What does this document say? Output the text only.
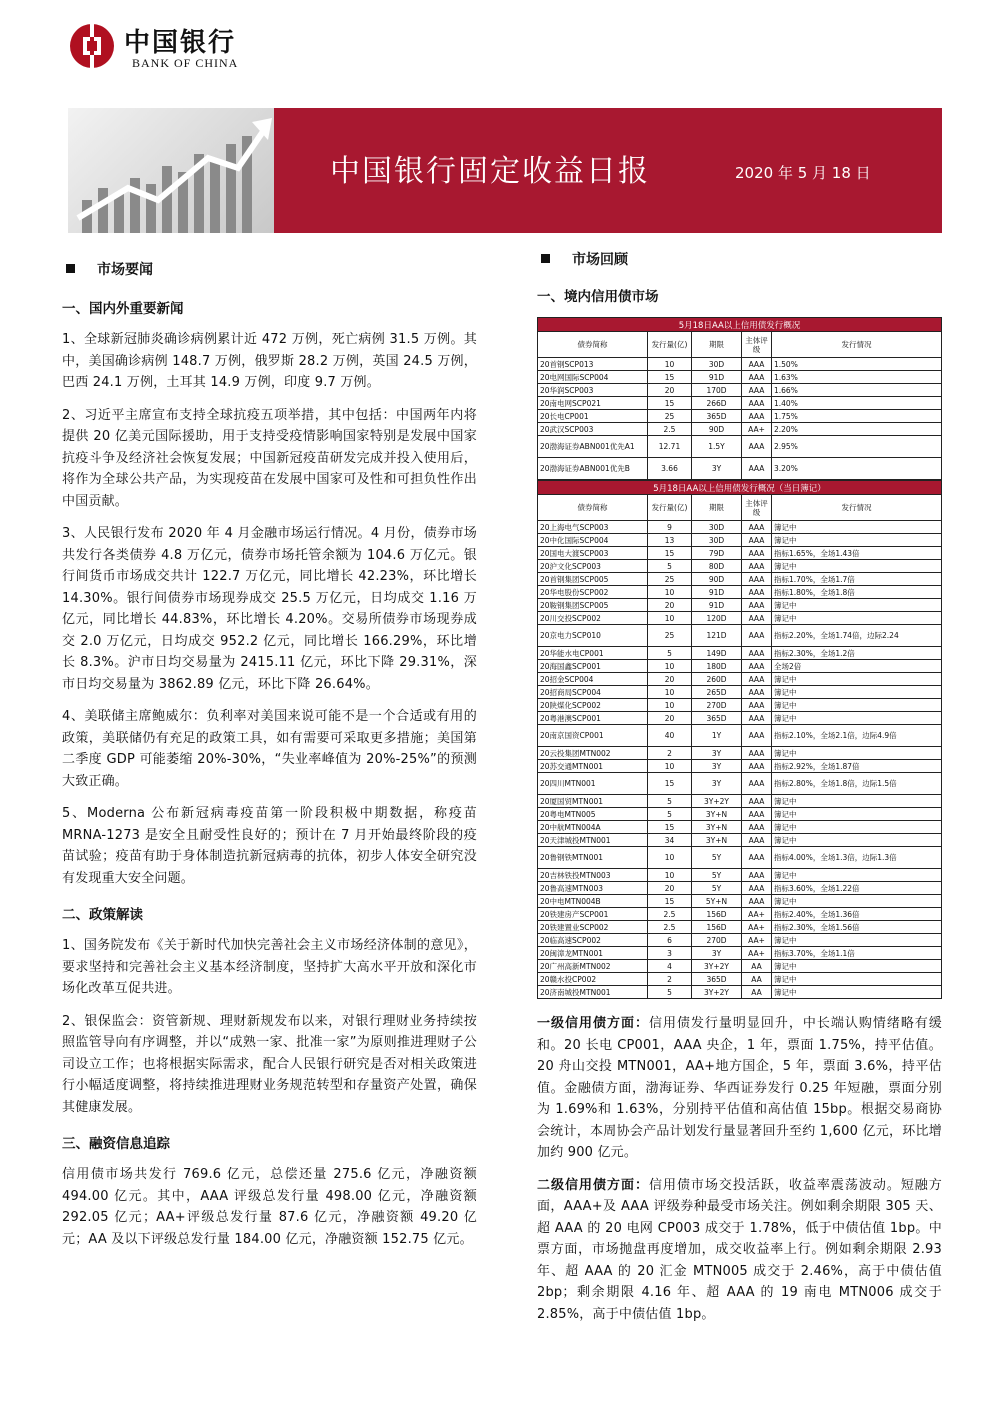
中国银行
BANK OF CHINA
中国银行固定收益日报	2020 年 5 月 18 日
市场要闻
一、国内外重要新闻
1、全球新冠肺炎确诊病例累计近 472 万例，死亡病例 31.5 万例。其中，美国确诊病例 148.7 万例，俄罗斯 28.2 万例，英国 24.5 万例，巴西 24.1 万例，土耳其 14.9 万例，印度 9.7 万例。
2、习近平主席宣布支持全球抗疫五项举措，其中包括：中国两年内将提供 20 亿美元国际援助，用于支持受疫情影响国家特别是发展中国家抗疫斗争及经济社会恢复发展；中国新冠疫苗研发完成并投入使用后，将作为全球公共产品，为实现疫苗在发展中国家可及性和可担负性作出中国贡献。
3、人民银行发布 2020 年 4 月金融市场运行情况。4 月份，债券市场共发行各类债券 4.8 万亿元，债券市场托管余额为 104.6 万亿元。银行间货币市场成交共计 122.7 万亿元，同比增长 42.23%，环比增长 14.30%。银行间债券市场现券成交 25.5 万亿元，日均成交 1.16 万亿元，同比增长 44.83%，环比增长 4.20%。交易所债券市场现券成交 2.0 万亿元，日均成交 952.2 亿元，同比增长 166.29%，环比增长 8.3%。沪市日均交易量为 2415.11 亿元，环比下降 29.31%，深市日均交易量为 3862.89 亿元，环比下降 26.64%。
4、美联储主席鲍威尔：负利率对美国来说可能不是一个合适或有用的政策，美联储仍有充足的政策工具，如有需要可采取更多措施；美国第二季度 GDP 可能萎缩 20%-30%，“失业率峰值为 20%-25%”的预测大致正确。
5、Moderna 公布新冠病毒疫苗第一阶段积极中期数据，称疫苗 MRNA-1273 是安全且耐受性良好的；预计在 7 月开始最终阶段的疫苗试验；疫苗有助于身体制造抗新冠病毒的抗体，初步人体安全研究没有发现重大安全问题。
二、政策解读
1、国务院发布《关于新时代加快完善社会主义市场经济体制的意见》，要求坚持和完善社会主义基本经济制度，坚持扩大高水平开放和深化市场化改革互促共进。
2、银保监会：资管新规、理财新规发布以来，对银行理财业务持续按照监管导向有序调整，并以“成熟一家、批准一家”为原则推进理财子公司设立工作；也将根据实际需求，配合人民银行研究是否对相关政策进行小幅适度调整，将持续推进理财业务规范转型和存量资产处置，确保其健康发展。
三、融资信息追踪
信用债市场共发行 769.6 亿元，总偿还量 275.6 亿元，净融资额 494.00 亿元。其中，AAA 评级总发行量 498.00 亿元，净融资额 292.05 亿元；AA+评级总发行量 87.6 亿元，净融资额 49.20 亿元；AA 及以下评级总发行量 184.00 亿元，净融资额 152.75 亿元。
市场回顾
一、境内信用债市场
5月18日AA以上信用债发行概况				
债券简称	发行量(亿)	期限	主体评级	发行情况
20首钢SCP013	10	30D	AAA	1.50%
20电网国际SCP004	15	91D	AAA	1.63%
20华润SCP003	20	170D	AAA	1.66%
20南电网SCP021	15	266D	AAA	1.40%
20长电CP001	25	365D	AAA	1.75%
20武汉SCP003	2.5	90D	AA+	2.20%
20渤海证券ABN001优先A1	12.71	1.5Y	AAA	2.95%
20渤海证券ABN001优先B	3.66	3Y	AAA	3.20%
5月18日AA以上信用债发行概况（当日簿记）				
债券简称	发行量(亿)	期限	主体评级	发行情况
20上海电气SCP003	9	30D	AAA	簿记中
20中化国际SCP004	13	30D	AAA	簿记中
20国电大渡SCP003	15	79D	AAA	指标1.65%，全场1.43倍
20沪文化SCP003	5	80D	AAA	簿记中
20首钢集团SCP005	25	90D	AAA	指标1.70%，全场1.7倍
20华电股份SCP002	10	91D	AAA	指标1.80%，全场1.8倍
20鞍钢集团SCP005	20	91D	AAA	簿记中
20川交投SCP002	10	120D	AAA	簿记中
20京电力SCP010	25	121D	AAA	指标2.20%，全场1.74倍，边际2.24
20华能水电CP001	5	149D	AAA	指标2.30%，全场1.2倍
20海国鑫SCP001	10	180D	AAA	全场2倍
20招金SCP004	20	260D	AAA	簿记中
20招商局SCP004	10	265D	AAA	簿记中
20陕煤化SCP002	10	270D	AAA	簿记中
20粤港澳SCP001	20	365D	AAA	簿记中
20南京国资CP001	40	1Y	AAA	指标2.10%，全场2.1倍，边际4.9倍
20云投集团MTN002	2	3Y	AAA	簿记中
20苏交通MTN001	10	3Y	AAA	指标2.92%，全场1.87倍
20四川MTN001	15	3Y	AAA	指标2.80%，全场1.8倍，边际1.5倍
20厦国贸MTN001	5	3Y+2Y	AAA	簿记中
20粤电MTN005	5	3Y+N	AAA	簿记中
20中航MTN004A	15	3Y+N	AAA	簿记中
20天津城投MTN001	34	3Y+N	AAA	簿记中
20鲁钢铁MTN001	10	5Y	AAA	指标4.00%，全场1.3倍，边际1.3倍
20吉林铁投MTN003	10	5Y	AAA	簿记中
20鲁高速MTN003	20	5Y	AAA	指标3.60%，全场1.22倍
20中电MTN004B	15	5Y+N	AAA	簿记中
20铁建房产SCP001	2.5	156D	AA+	指标2.40%，全场1.36倍
20铁建置业SCP002	2.5	156D	AA+	指标2.30%，全场1.56倍
20临高速SCP002	6	270D	AA+	簿记中
20闽漳龙MTN001	3	3Y	AA+	指标3.70%，全场1.1倍
20广州高新MTN002	4	3Y+2Y	AA	簿记中
20赣水投CP002	2	365D	AA	簿记中
20济南城投MTN001	5	3Y+2Y	AA	簿记中
一级信用债方面：信用债发行量明显回升，中长端认购情绪略有缓和。20 长电 CP001，AAA 央企，1 年，票面 1.75%，持平估值。20 舟山交投 MTN001，AA+地方国企，5 年，票面 3.6%，持平估值。金融债方面，渤海证券、华西证券发行 0.25 年短融，票面分别为 1.69%和 1.63%，分别持平估值和高估值 15bp。根据交易商协会统计，本周协会产品计划发行量显著回升至约 1,600 亿元，环比增加约 900 亿元。
二级信用债方面：信用债市场交投活跃，收益率震荡波动。短融方面，AAA+及 AAA 评级券种最受市场关注。例如剩余期限 305 天、超 AAA 的 20 电网 CP003 成交于 1.78%，低于中债估值 1bp。中票方面，市场抛盘再度增加，成交收益率上行。例如剩余期限 2.93 年、超 AAA 的 20 汇金 MTN005 成交于 2.46%，高于中债估值 2bp；剩余期限 4.16 年、超 AAA 的 19 南电 MTN006 成交于 2.85%，高于中债估值 1bp。
